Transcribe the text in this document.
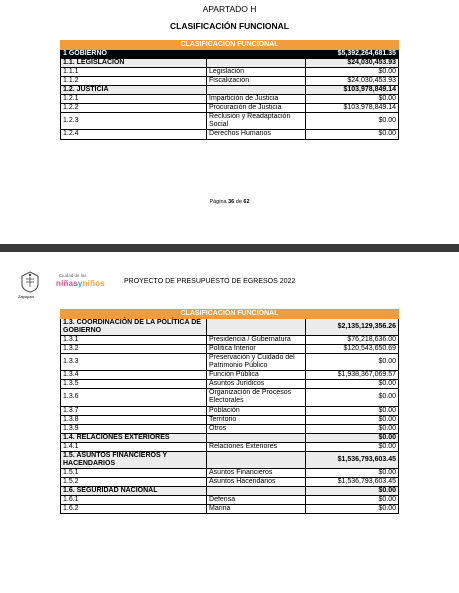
APARTADO H
CLASIFICACIÓN FUNCIONAL
CLASIFICACIÓN FUNCIONAL		
1 GOBIERNO		$5,392,264,681.35
1.1. LEGISLACIÓN		$24,030,453.93
1.1.1	Legislación	$0.00
1.1.2	Fiscalización	$24,030,453.93
1.2. JUSTICIA		$103,978,849.14
1.2.1	Impartición de Justicia	$0.00
1.2.2	Procuración de Justicia	$103,978,849.14
1.2.3	Reclusión y Readaptación Social	$0.00
1.2.4	Derechos Humanos	$0.00
Página 36 de 62
Zapopan
Ciudad de las
niñasyniños	PROYECTO DE PRESUPUESTO DE EGRESOS 2022
CLASIFICACIÓN FUNCIONAL		
1.3. COORDINACIÓN DE LA POLÍTICA DE GOBIERNO		$2,135,129,356.26
1.3.1	Presidencia / Gubernatura	$76,218,636.00
1.3.2	Política Interior	$120,543,650.69
1.3.3	Preservación y Cuidado del Patrimonio Público	$0.00
1.3.4	Función Pública	$1,938,367,069.57
1.3.5	Asuntos Jurídicos	$0.00
1.3.6	Organización de Procesos Electorales	$0.00
1.3.7	Población	$0.00
1.3.8	Territorio	$0.00
1.3.9	Otros	$0.00
1.4. RELACIONES EXTERIORES		$0.00
1.4.1	Relaciones Exteriores	$0.00
1.5. ASUNTOS FINANCIEROS Y HACENDARIOS		$1,536,793,603.45
1.5.1	Asuntos Financieros	$0.00
1.5.2	Asuntos Hacendarios	$1,536,793,603.45
1.6. SEGURIDAD NACIONAL		$0.00
1.6.1	Defensa	$0.00
1.6.2	Marina	$0.00
